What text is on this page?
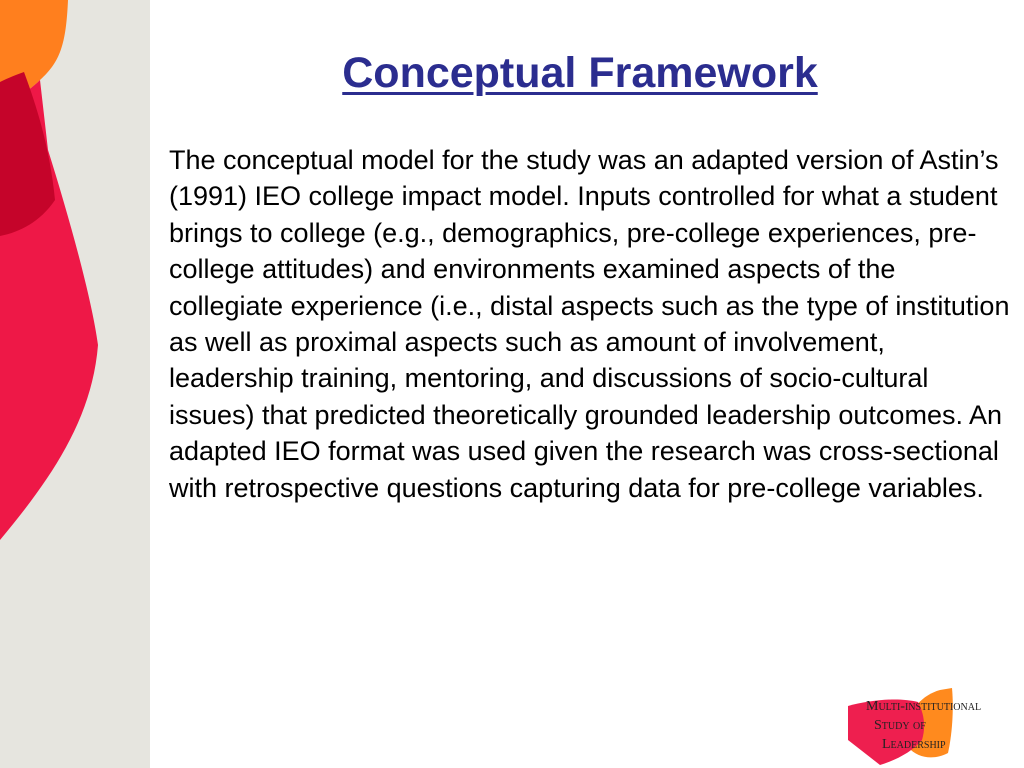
Conceptual Framework

The conceptual model for the study was an adapted version of Astin’s (1991) IEO college impact model. Inputs controlled for what a student brings to college (e.g., demographics, pre-college experiences, pre-college attitudes) and environments examined aspects of the collegiate experience (i.e., distal aspects such as the type of institution as well as proximal aspects such as amount of involvement, leadership training, mentoring, and discussions of socio-cultural issues) that predicted theoretically grounded leadership outcomes. An adapted IEO format was used given the research was cross-sectional with retrospective questions capturing data for pre-college variables.

Multi-institutional
Study of
Leadership
